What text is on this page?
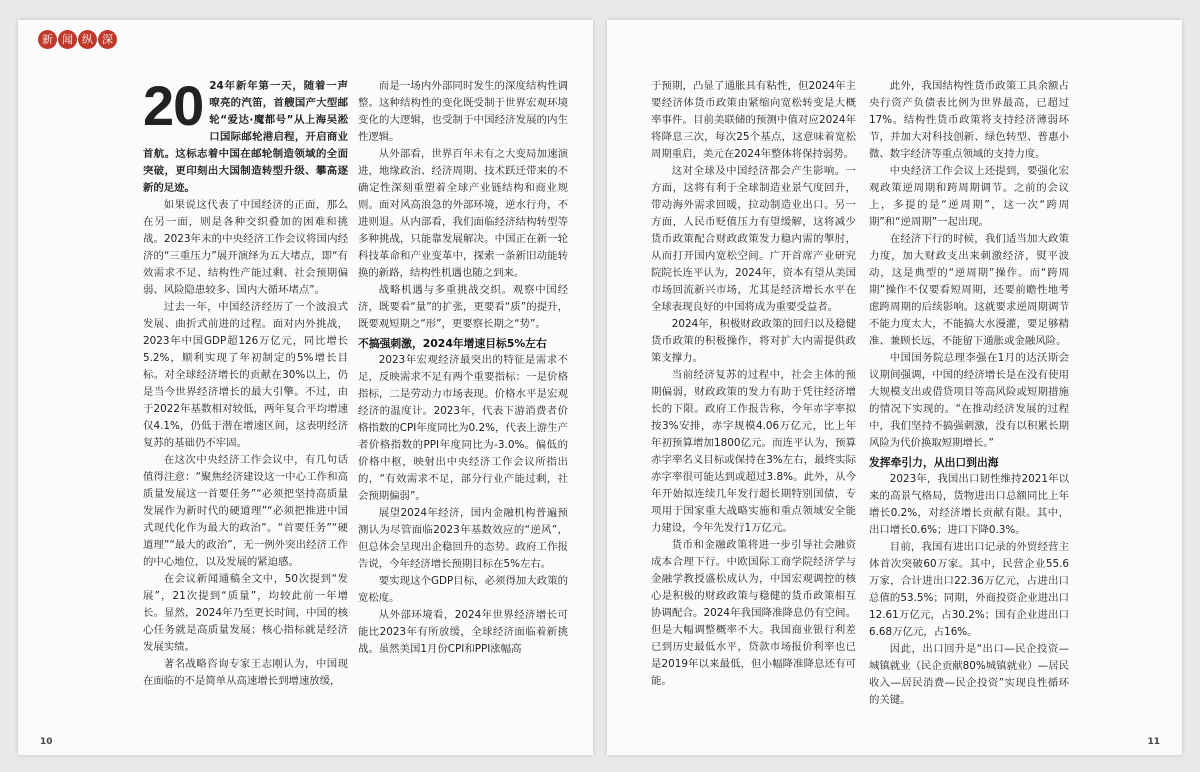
新 闻 纵 深

20 24年新年第一天，随着一声嘹亮的汽笛，首艘国产大型邮轮“爱达·魔都号”从上海吴淞口国际邮轮港启程，开启商业首航。这标志着中国在邮轮制造领域的全面突破，更印刻出大国制造转型升级、攀高逐新的足迹。

如果说这代表了中国经济的正面，那么在另一面，则是各种交织叠加的困难和挑战。2023年末的中央经济工作会议将国内经济的“三重压力”展开演绎为五大堵点，即“有效需求不足、结构性产能过剩、社会预期偏弱、风险隐患较多、国内大循环堵点”。

过去一年，中国经济经历了一个波浪式发展、曲折式前进的过程。面对内外挑战，2023年中国GDP超126万亿元，同比增长5.2%，顺利实现了年初制定的5%增长目标。对全球经济增长的贡献在30%以上，仍是当今世界经济增长的最大引擎。不过，由于2022年基数相对较低，两年复合平均增速仅4.1%，仍低于潜在增速区间，这表明经济复苏的基础仍不牢固。

在这次中央经济工作会议中，有几句话值得注意：“聚焦经济建设这一中心工作和高质量发展这一首要任务”“必须把坚持高质量发展作为新时代的硬道理”“必须把推进中国式现代化作为最大的政治”。“首要任务”“硬道理”“最大的政治”，无一例外突出经济工作的中心地位，以及发展的紧迫感。

在会议新闻通稿全文中，50次提到“发展”，21次提到“质量”，均较此前一年增长。显然，2024年乃至更长时间，中国的核心任务就是高质量发展；核心指标就是经济发展实绩。

著名战略咨询专家王志刚认为，中国现在面临的不是简单从高速增长到增速放缓，

而是一场内外部同时发生的深度结构性调整。这种结构性的变化既受制于世界宏观环境变化的大逻辑，也受制于中国经济发展的内生性逻辑。

从外部看，世界百年未有之大变局加速演进，地缘政治、经济周期、技术跃迁带来的不确定性深刻重塑着全球产业链结构和商业规则。面对风高浪急的外部环境，逆水行舟，不进则退。从内部看，我们面临经济结构转型等多种挑战，只能靠发展解决。中国正在新一轮科技革命和产业变革中，探索一条新旧动能转换的新路，结构性机遇也随之到来。

战略机遇与多重挑战交织。观察中国经济，既要看“量”的扩张，更要看“质”的提升，既要观短期之“形”，更要察长期之“势”。

不搞强刺激，2024年增速目标5%左右

2023年宏观经济最突出的特征是需求不足，反映需求不足有两个重要指标：一是价格指标，二是劳动力市场表现。价格水平是宏观经济的温度计。2023年，代表下游消费者价格指数的CPI年度同比为0.2%，代表上游生产者价格指数的PPI年度同比为-3.0%。偏低的价格中枢，映射出中央经济工作会议所指出的，“有效需求不足，部分行业产能过剩，社会预期偏弱”。

展望2024年经济，国内金融机构普遍预测认为尽管面临2023年基数效应的“逆风”，但总体会呈现出企稳回升的态势。政府工作报告说，今年经济增长预期目标在5%左右。

要实现这个GDP目标，必须得加大政策的宽松度。

从外部环境看，2024年世界经济增长可能比2023年有所放缓，全球经济面临着新挑战。虽然美国1月份CPI和PPI涨幅高

10

于预期，凸显了通胀具有粘性，但2024年主要经济体货币政策由紧缩向宽松转变是大概率事件。目前美联储的预测中值对应2024年将降息三次，每次25个基点，这意味着宽松周期重启，美元在2024年整体将保持弱势。

这对全球及中国经济都会产生影响。一方面，这将有利于全球制造业景气度回升，带动海外需求回暖，拉动制造业出口。另一方面，人民币贬值压力有望缓解，这将减少货币政策配合财政政策发力稳内需的掣肘，从而打开国内宽松空间。广开首席产业研究院院长连平认为，2024年，资本有望从美国市场回流新兴市场，尤其是经济增长水平在全球表现良好的中国将成为重要受益者。

2024年，积极财政政策的回归以及稳健货币政策的积极操作，将对扩大内需提供政策支撑力。

当前经济复苏的过程中，社会主体的预期偏弱，财政政策的发力有助于凭往经济增长的下限。政府工作报告称，今年赤字率拟按3%安排，赤字规模4.06万亿元，比上年年初预算增加1800亿元。而连平认为，预算赤字率名义目标或保持在3%左右，最终实际赤字率很可能达到或超过3.8%。此外，从今年开始拟连续几年发行超长期特别国债，专项用于国家重大战略实施和重点领域安全能力建设，今年先发行1万亿元。

货币和金融政策将进一步引导社会融资成本合理下行。中欧国际工商学院经济学与金融学教授盛松成认为，中国宏观调控的核心是积极的财政政策与稳健的货币政策相互协调配合。2024年我国降准降息仍有空间。但是大幅调整概率不大。我国商业银行利差已到历史最低水平，贷款市场报价利率也已是2019年以来最低，但小幅降准降息还有可能。

此外，我国结构性货币政策工具余额占央行资产负债表比例为世界最高，已超过17%。结构性货币政策将支持经济薄弱环节，并加大对科技创新、绿色转型、普惠小微、数字经济等重点领域的支持力度。

中央经济工作会议上还提到，要强化宏观政策逆周期和跨周期调节。之前的会议上，多提的是“逆周期”，这一次“跨周期”和“逆周期”一起出现。

在经济下行的时候，我们适当加大政策力度，加大财政支出来刺激经济，熨平波动，这是典型的“逆周期”操作。而“跨周期”操作不仅要看短周期，还要前瞻性地考虑跨周期的后续影响。这就要求逆周期调节不能力度太大，不能搞大水漫灌，要足够精准、兼顾长远，不能留下通胀或金融风险。

中国国务院总理李强在1月的达沃斯会议期间强调，中国的经济增长是在没有使用大规模支出或借贷项目等高风险或短期措施的情况下实现的。“在推动经济发展的过程中，我们坚持不搞强刺激，没有以积累长期风险为代价换取短期增长。”

发挥牵引力，从出口到出海

2023年，我国出口韧性维持2021年以来的高景气格局，货物进出口总额同比上年增长0.2%，对经济增长贡献有限。其中，出口增长0.6%；进口下降0.3%。

目前，我国有进出口记录的外贸经营主体首次突破60万家。其中，民营企业55.6万家，合计进出口22.36万亿元，占进出口总值的53.5%；同期，外商投资企业进出口12.61万亿元，占30.2%；国有企业进出口6.68万亿元，占16%。

因此，出口回升是“出口—民企投资—城镇就业（民企贡献80%城镇就业）—居民收入—居民消费—民企投资”实现良性循环的关键。

11
